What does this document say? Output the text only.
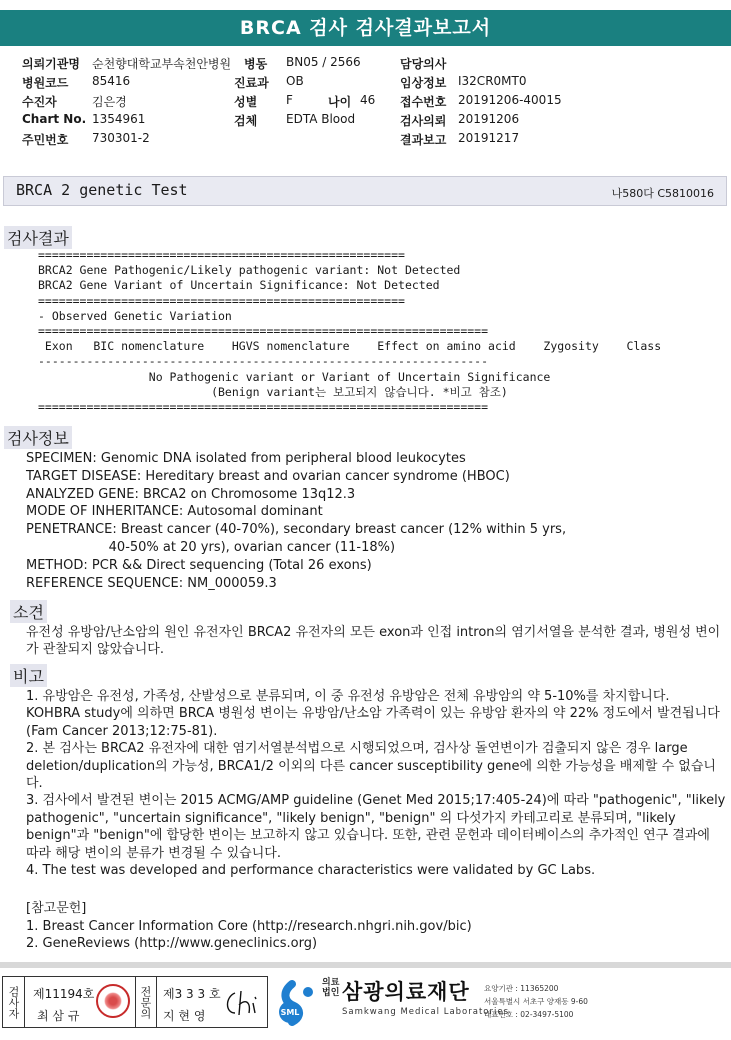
BRCA 검사 검사결과보고서
의뢰기관명 순천향대학교부속천안병원 병동 BN05 / 2566	담당의사
병원코드 85416	진료과 OB	임상정보 I32CR0MT0
수진자	김은경	성별 F	나이 46 접수번호 20191206-40015
Chart No. 1354961	검체 EDTA Blood	검사의뢰 20191206
주민번호 730301-2	결과보고 20191217
BRCA 2 genetic Test	나580다 C5810016
검사결과
=====================================================
BRCA2 Gene Pathogenic/Likely pathogenic variant: Not Detected
BRCA2 Gene Variant of Uncertain Significance: Not Detected
=====================================================
- Observed Genetic Variation
=================================================================
Exon   BIC nomenclature    HGVS nomenclature    Effect on amino acid    Zygosity    Class
-----------------------------------------------------------------
No Pathogenic variant or Variant of Uncertain Significance
(Benign variant는 보고되지 않습니다. *비고 참조)
=================================================================
검사정보
SPECIMEN: Genomic DNA isolated from peripheral blood leukocytes
TARGET DISEASE: Hereditary breast and ovarian cancer syndrome (HBOC)
ANALYZED GENE: BRCA2 on Chromosome 13q12.3
MODE OF INHERITANCE: Autosomal dominant
PENETRANCE: Breast cancer (40-70%), secondary breast cancer (12% within 5 yrs,
40-50% at 20 yrs), ovarian cancer (11-18%)
METHOD: PCR && Direct sequencing (Total 26 exons)
REFERENCE SEQUENCE: NM_000059.3
소견
유전성 유방암/난소암의 원인 유전자인 BRCA2 유전자의 모든 exon과 인접 intron의 염기서열을 분석한 결과, 병원성 변이가 관찰되지 않았습니다.
비고
1. 유방암은 유전성, 가족성, 산발성으로 분류되며, 이 중 유전성 유방암은 전체 유방암의 약 5-10%를 차지합니다. KOHBRA study에 의하면 BRCA 병원성 변이는 유방암/난소암 가족력이 있는 유방암 환자의 약 22% 정도에서 발견됩니다 (Fam Cancer 2013;12:75-81).
2. 본 검사는 BRCA2 유전자에 대한 염기서열분석법으로 시행되었으며, 검사상 돌연변이가 검출되지 않은 경우 large deletion/duplication의 가능성, BRCA1/2 이외의 다른 cancer susceptibility gene에 의한 가능성을 배제할 수 없습니다.
3. 검사에서 발견된 변이는 2015 ACMG/AMP guideline (Genet Med 2015;17:405-24)에 따라 "pathogenic", "likely pathogenic", "uncertain significance", "likely benign", "benign" 의 다섯가지 카테고리로 분류되며, "likely benign"과 "benign"에 합당한 변이는 보고하지 않고 있습니다. 또한, 관련 문헌과 데이터베이스의 추가적인 연구 결과에 따라 해당 변이의 분류가 변경될 수 있습니다.
4. The test was developed and performance characteristics were validated by GC Labs.
[참고문헌]
1. Breast Cancer Information Core (http://research.nhgri.nih.gov/bic)
2. GeneReviews (http://www.geneclinics.org)
검사자	제11194호
최 삼 규	전문의 제3 3 3 호
지 현 영	SML
의료법인 삼광의료재단
Samkwang Medical Laboratories
요양기관 : 11365200
서울특별시 서초구 양재동 9-60
대표번호 : 02-3497-5100
